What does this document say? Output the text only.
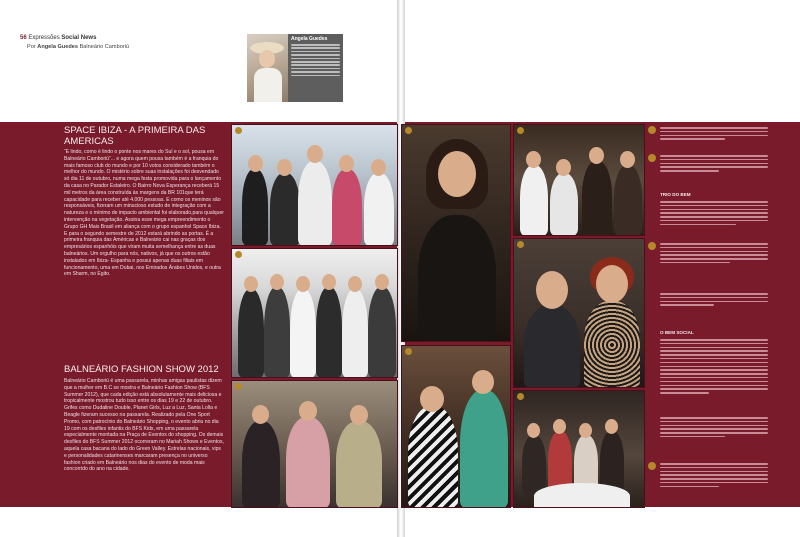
56 Expressões Social News
Por Angela Guedes Balneário Camboriú
Angela Guedes
SPACE IBIZA - A PRIMEIRA DAS AMERICAS
“É lindo, como é lindo o ponte nos mares do Sul e o sol, pousa em Balneário Camboriú”... e agora quem pousa também é a franquia do mais famoso club do mundo e por 10 votos considerado também o melhor do mundo. O mistério sobre suas instalações foi desvendado só dia 11 de outubro, numa mega festa promovida para o lançamento da casa no Parador Estaleiro. O Bairro Nova Esperança receberá 15 mil metros da área construída às margens da BR 101que terá capacidade para receber até 4.000 pessoas. E como os meninos são responsáveis, fizeram um minucioso estudo de integração com a natureza e o mínimo de impacto ambiental foi elaborado,para qualquer intervenção na vegetação. Assina esse mega empreendimento o Grupo GH Mais Brasil em aliança com o grupo espanhol Space Ibiza. E para o segundo semestre de 2012 estará abrindo as portas. É a primeira franquia das Américas e Balneário cai nas graças dos empresários espanhóis que viram muita semelhança entre as duas balneários. Um orgulho para nós, nativos, já que os outros estão instalados em Ibiza- Espanha e possui apenas duas filiais em funcionamento, uma em Dubai, nos Emirados Árabes Unidos, e outra em Sharm, no Egito.
BALNEÁRIO FASHION SHOW 2012
Balneário Camboriú é uma passarela, minhas amigas paulistas dizem que a mulher em B.C se mostra e Balneário Fashion Show (BFS Summer 2012), que cada edição está absolutamente mais deliciosa e tropicalmente mostrou tudo isso entre os dias 19 e 22 de outubro. Grifes como Dudaline Double, Planet Girls, Luz a Luz, Santa Lolla e Beagle fizeram sucesso na passarela. Realizado pela One Sport Promo, com patrocínio do Balneário Shopping, o evento abriu no dia 19 com os desfiles infantis do BFS Kids, em uma passarela especialmente montada na Praça de Eventos do shopping. Os demais desfiles do BFS Summer 2012 ocorreram no Mariah Shows e Eventos, aquela casa bacana do lado do Green Valley. Estrelas nacionais, vips e personalidades catarinenses marcaram presença no universo fashion criado em Balneário nos dias do evento de moda mais concorrido do ano na cidade.
TRIO DO BEM
O BEM SOCIAL
